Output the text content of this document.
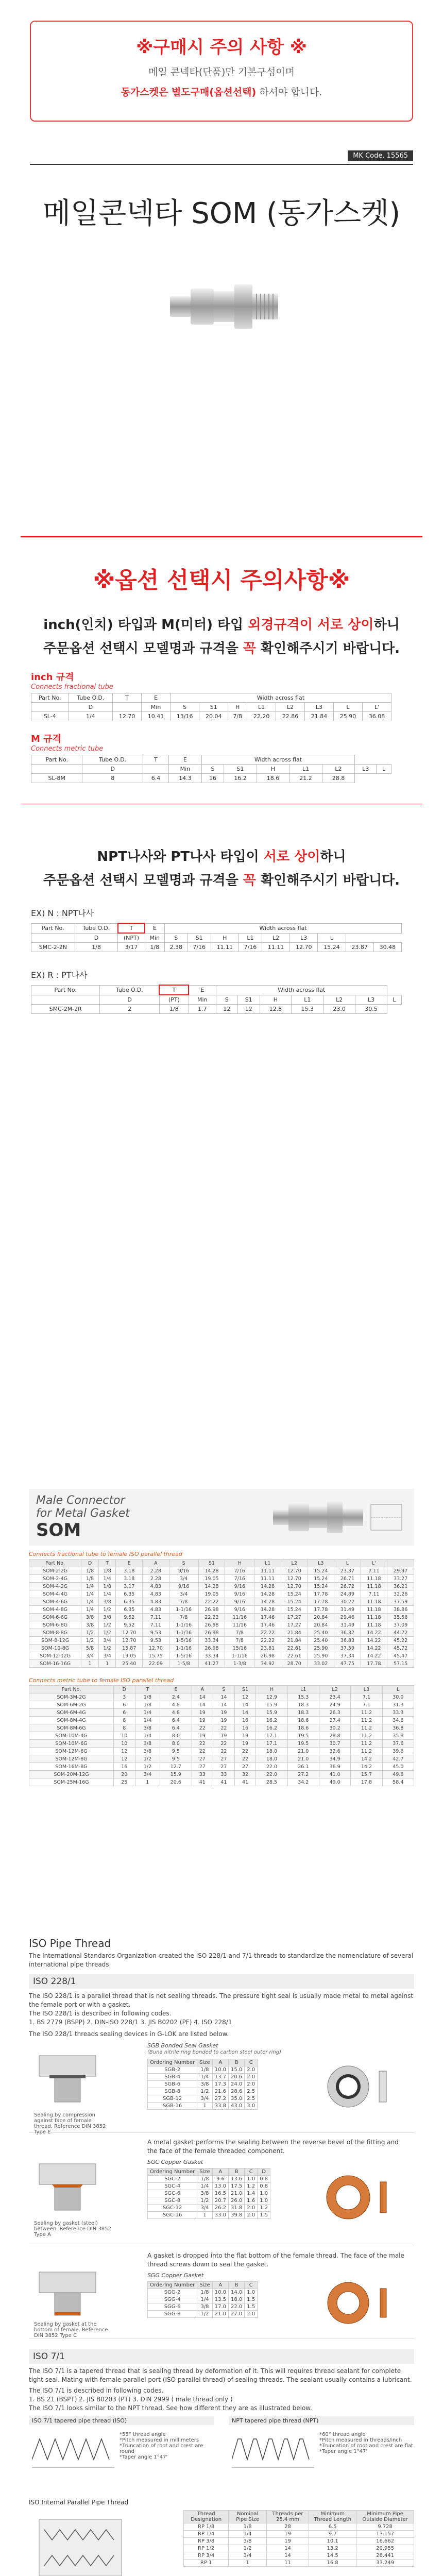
※구매시 주의 사항 ※
메일 콘넥타(단품)만 기본구성이며
동가스켓은 별도구매(옵션선택) 하셔야 합니다.
MK Code. 15565
메일콘넥타 SOM (동가스켓)
※옵션 선택시 주의사항※
inch(인치) 타입과 M(미터) 타입 외경규격이 서로 상이하니
주문옵션 선택시 모델명과 규격을 꼭 확인해주시기 바랍니다.
inch 규격
Connects fractional tube
Part No.	Tube O.D.	T	E	Width across flat							
	D		Min	S	S1	H	L1	L2	L3	L	L'
SL-4	1/4	12.70	10.41	13/16	20.04	7/8	22.20	22.86	21.84	25.90	36.08
M 규격
Connects metric tube
Part No.	Tube O.D.	T	E	Width across flat						
	D		Min	S	S1	H	L1	L2	L3	L
SL-8M	8	6.4	14.3	16	16.2	18.6	21.2	28.8		
NPT나사와 PT나사 타입이 서로 상이하니
주문옵션 선택시 모델명과 규격을 꼭 확인해주시기 바랍니다.
EX) N : NPT나사
Part No.	Tube O.D.	T	E	Width across flat								
	D	(NPT)	Min	S	S1	H	L1	L2	L3	L		
SMC-2-2N	1/8	3/17	1/8	2.38	7/16	11.11	7/16	11.11	12.70	15.24	23.87	30.48
EX) R : PT나사
Part No.	Tube O.D.	T	E	Width across flat						
	D	(PT)	Min	S	S1	H	L1	L2	L3	L
SMC-2M-2R	2	1/8	1.7	12	12	12.8	15.3	23.0	30.5	
Male Connector
for Metal Gasket
SOM
Connects fractional tube to female ISO parallel thread
Part No.	D	T	E	A	S	S1	H	L1	L2	L3	L	L'	
SOM-2-2G	1/8	1/8	3.18	2.28	9/16	14.28	7/16	11.11	12.70	15.24	23.37	7.11	29.97
SOM-2-4G	1/8	1/4	3.18	2.28	3/4	19.05	7/16	11.11	12.70	15.24	26.71	11.18	33.27
SOM-4-2G	1/4	1/8	3.17	4.83	9/16	14.28	9/16	14.28	12.70	15.24	26.72	11.18	36.21
SOM-4-4G	1/4	1/4	6.35	4.83	3/4	19.05	9/16	14.28	15.24	17.78	24.89	7.11	32.26
SOM-4-6G	1/4	3/8	6.35	4.83	7/8	22.22	9/16	14.28	15.24	17.78	30.22	11.18	37.59
SOM-4-8G	1/4	1/2	6.35	4.83	1-1/16	26.98	9/16	14.28	15.24	17.78	31.49	11.18	38.86
SOM-6-6G	3/8	3/8	9.52	7.11	7/8	22.22	11/16	17.46	17.27	20.84	29.46	11.18	35.56
SOM-6-8G	3/8	1/2	9.52	7.11	1-1/16	26.98	11/16	17.46	17.27	20.84	31.49	11.18	37.09
SOM-8-8G	1/2	1/2	12.70	9.53	1-1/16	26.98	7/8	22.22	21.84	25.40	36.32	14.22	44.72
SOM-8-12G	1/2	3/4	12.70	9.53	1-5/16	33.34	7/8	22.22	21.84	25.40	36.83	14.22	45.22
SOM-10-8G	5/8	1/2	15.87	12.70	1-1/16	26.98	15/16	23.81	22.61	25.90	37.59	14.22	45.72
SOM-12-12G	3/4	3/4	19.05	15.75	1-5/16	33.34	1-1/16	26.98	22.61	25.90	37.34	14.22	45.47
SOM-16-16G	1	1	25.40	22.09	1-5/8	41.27	1-3/8	34.92	28.70	33.02	47.75	17.78	57.15
Connects metric tube to female ISO parallel thread
Part No.	D	T	E	A	S	S1	H	L1	L2	L3	L
SOM-3M-2G	3	1/8	2.4	14	14	12	12.9	15.3	23.4	7.1	30.0
SOM-6M-2G	6	1/8	4.8	14	14	14	15.9	18.3	24.9	7.1	31.3
SOM-6M-4G	6	1/4	4.8	19	19	14	15.9	18.3	26.3	11.2	33.3
SOM-8M-4G	8	1/4	6.4	19	19	16	16.2	18.6	27.4	11.2	34.6
SOM-8M-6G	8	3/8	6.4	22	22	16	16.2	18.6	30.2	11.2	36.8
SOM-10M-4G	10	1/4	8.0	19	19	19	17.1	19.5	28.8	11.2	35.8
SOM-10M-6G	10	3/8	8.0	22	22	19	17.1	19.5	30.7	11.2	37.6
SOM-12M-6G	12	3/8	9.5	22	22	22	18.0	21.0	32.6	11.2	39.6
SOM-12M-8G	12	1/2	9.5	27	27	22	18.0	21.0	34.9	14.2	42.7
SOM-16M-8G	16	1/2	12.7	27	27	27	22.0	26.1	36.9	14.2	45.0
SOM-20M-12G	20	3/4	15.9	33	33	32	22.0	27.2	41.0	15.7	49.6
SOM-25M-16G	25	1	20.6	41	41	41	28.5	34.2	49.0	17.8	58.4
ISO Pipe Thread
The International Standards Organization created the ISO 228/1 and 7/1 threads to standardize the nomenclature of several international pipe threads.
ISO 228/1
The ISO 228/1 is a parallel thread that is not sealing threads. The pressure tight seal is usually made metal to metal against the female port or with a gasket.
The ISO 228/1 is described in following codes.
1. BS 2779 (BSPP) 2. DIN-ISO 228/1 3. JIS B0202 (PF) 4. ISO 228/1
The ISO 228/1 threads sealing devices in G-LOK are listed below.
Sealing by compression against face of female thread. Reference DIN 3852 Type E
SGB Bonded Seal Gasket
(Buna nitrile ring bonded to carbon steel outer ring)
Ordering Number	Size	A	B	C
SGB-2	1/8	10.0	15.0	2.0
SGB-4	1/4	13.7	20.6	2.0
SGB-6	3/8	17.3	24.0	2.0
SGB-8	1/2	21.6	28.6	2.5
SGB-12	3/4	27.2	35.0	2.5
SGB-16	1	33.8	43.0	3.0
A metal gasket performs the sealing between the reverse bevel of the fitting and the face of the female threaded component.
Sealing by gasket (steel) between. Reference DIN 3852 Type A
SGC Copper Gasket
Ordering Number	Size	A	B	C	D
SGC-2	1/8	9.6	13.6	1.0	0.8
SGC-4	1/4	13.0	17.5	1.2	0.8
SGC-6	3/8	16.5	21.0	1.4	1.0
SGC-8	1/2	20.7	26.0	1.6	1.0
SGC-12	3/4	26.2	31.8	2.0	1.2
SGC-16	1	33.0	39.8	2.0	1.5
A gasket is dropped into the flat bottom of the female thread. The face of the male thread screws down to seal the gasket.
Sealing by gasket at the bottom of female. Reference DIN 3852 Type C
SGG Copper Gasket
Ordering Number	Size	A	B	C
SGG-2	1/8	10.0	14.0	1.0
SGG-4	1/4	13.5	18.0	1.5
SGG-6	3/8	17.0	22.0	1.5
SGG-8	1/2	21.0	27.0	2.0
ISO 7/1
The ISO 7/1 is a tapered thread that is sealing thread by deformation of it. This will requires thread sealant for complete tight seal. Mating with female parallel port (ISO parallel thread) of sealing threads. The sealant usually contains a lubricant.
The ISO 7/1 is described in following codes.
1. BS 21 (BSPT) 2. JIS B0203 (PT) 3. DIN 2999 ( male thread only )
The ISO 7/1 looks similar to the NPT thread. See how different they are as illustrated below.
ISO 7/1 tapered pipe thread (ISO)
*55° thread angle
*Pitch measured in millimeters
*Truncation of root and crest are round
*Taper angle 1°47'
NPT tapered pipe thread (NPT)
*60° thread angle
*Pitch measured in threads/inch
*Truncation of root and crest are flat
*Taper angle 1°47'
ISO Internal Parallel Pipe Thread
Thread Designation	Nominal Pipe Size	Threads per 25.4 mm	Minimum Thread Length	Minimum Pipe Outside Diameter
RP 1/8	1/8	28	6.5	9.728
RP 1/4	1/4	19	9.7	13.157
RP 3/8	3/8	19	10.1	16.662
RP 1/2	1/2	14	13.2	20.955
RP 3/4	3/4	14	14.5	26.441
RP 1	1	11	16.8	33.249
